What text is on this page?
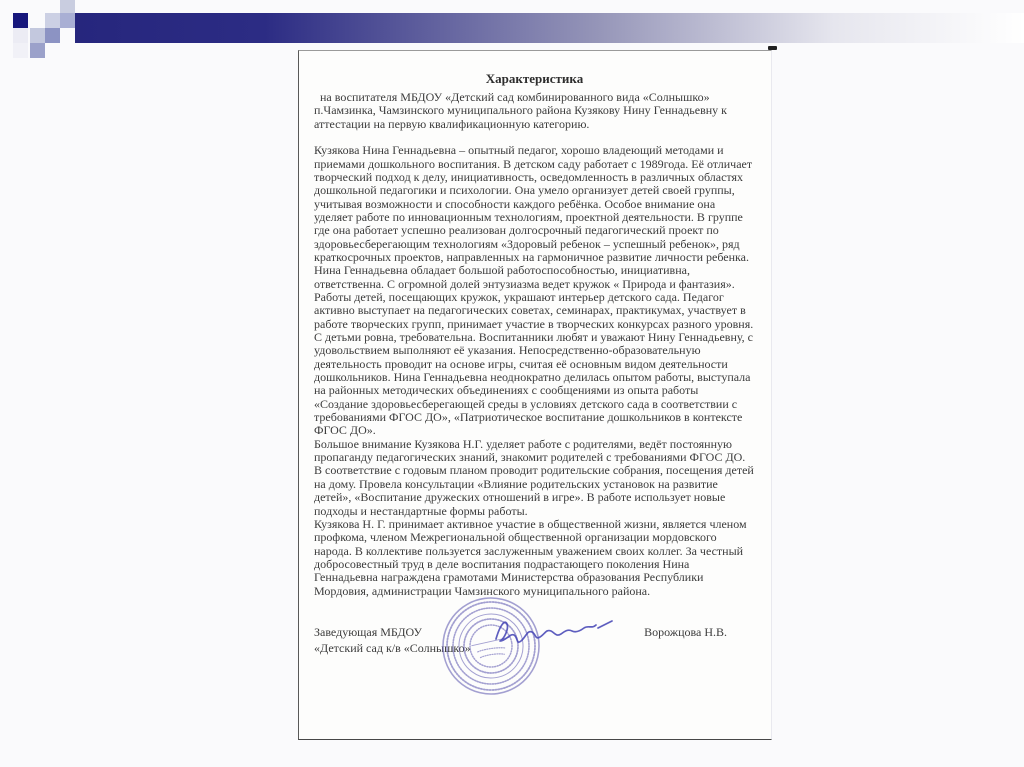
Характеристика

на воспитателя МБДОУ «Детский сад комбинированного вида «Солнышко» п.Чамзинка, Чамзинского муниципального района Кузякову Нину Геннадьевну к аттестации на первую квалификационную категорию.

Кузякова Нина Геннадьевна – опытный педагог, хорошо владеющий методами и приемами дошкольного воспитания. В детском саду работает с 1989года. Её отличает творческий подход к делу, инициативность, осведомленность в различных областях дошкольной педагогики и психологии. Она умело организует детей своей группы, учитывая возможности и способности каждого ребёнка. Особое внимание она уделяет работе по инновационным технологиям, проектной деятельности. В группе где она работает успешно реализован долгосрочный педагогический проект по здоровьесберегающим технологиям «Здоровый ребенок – успешный ребенок», ряд краткосрочных проектов, направленных на гармоничное развитие личности ребенка. Нина Геннадьевна обладает большой работоспособностью, инициативна, ответственна. С огромной долей энтузиазма ведет кружок « Природа и фантазия». Работы детей, посещающих кружок, украшают интерьер детского сада. Педагог активно выступает на педагогических советах, семинарах, практикумах, участвует в работе творческих групп, принимает участие в творческих конкурсах разного уровня. С детьми ровна, требовательна. Воспитанники любят и уважают Нину Геннадьевну, с удовольствием выполняют её указания. Непосредственно-образовательную деятельность проводит на основе игры, считая её основным видом деятельности дошкольников. Нина Геннадьевна неоднократно делилась опытом работы, выступала на районных методических объединениях с сообщениями из опыта работы «Создание здоровьесберегающей среды в условиях детского сада в соответствии с требованиями ФГОС ДО», «Патриотическое воспитание дошкольников в контексте ФГОС ДО».

Большое внимание Кузякова Н.Г. уделяет работе с родителями, ведёт постоянную пропаганду педагогических знаний, знакомит родителей с требованиями ФГОС ДО. В соответствие с годовым планом проводит родительские собрания, посещения детей на дому. Провела консультации «Влияние родительских установок на развитие детей», «Воспитание дружеских отношений в игре». В работе использует новые подходы и нестандартные формы работы.

Кузякова Н. Г. принимает активное участие в общественной жизни, является членом профкома, членом Межрегиональной общественной организации мордовского народа. В коллективе пользуется заслуженным уважением своих коллег. За честный добросовестный труд в деле воспитания подрастающего поколения Нина Геннадьевна награждена грамотами Министерства образования Республики Мордовия, администрации Чамзинского муниципального района.

Заведующая МБДОУ
«Детский сад к/в «Солнышко»
Ворожцова Н.В.
